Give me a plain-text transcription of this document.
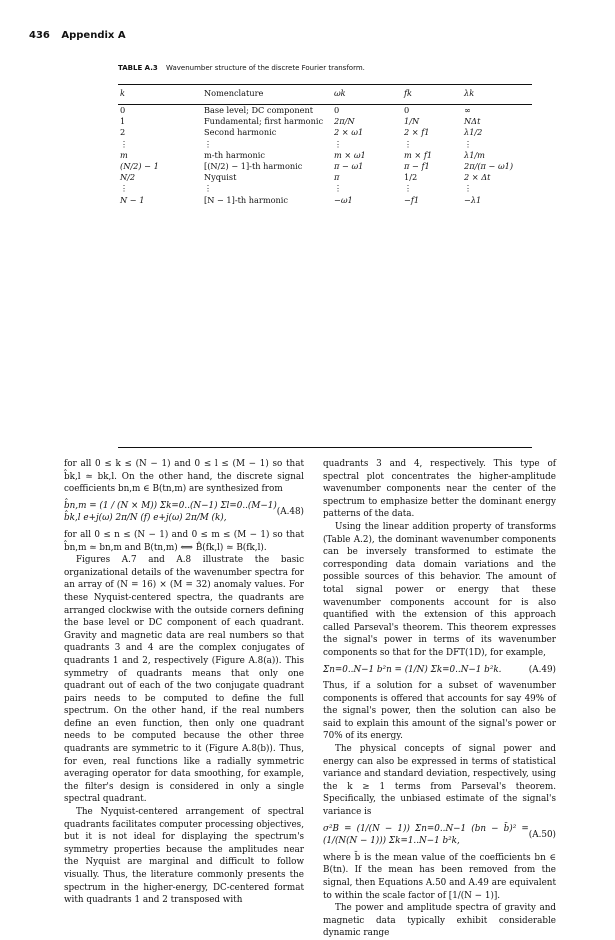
436 Appendix A
TABLE A.3 Wavenumber structure of the discrete Fourier transform.
k	Nomenclature	ωk	fk	λk
0	Base level; DC component	0	0	∞
1	Fundamental; first harmonic	2π/N	1/N	NΔt
2	Second harmonic	2 × ω1	2 × f1	λ1/2
⋮	⋮	⋮	⋮	⋮
m	m-th harmonic	m × ω1	m × f1	λ1/m
(N/2) − 1	[(N/2) − 1]-th harmonic	π − ω1	π − f1	2π/(π − ω1)
N/2	Nyquist	π	1/2	2 × Δt
⋮	⋮	⋮	⋮	⋮
N − 1	[N − 1]-th harmonic	−ω1	−f1	−λ1

for all 0 ≤ k ≤ (N − 1) and 0 ≤ l ≤ (M − 1) so that b̂k,l ≃ bk,l. On the other hand, the discrete signal coefficients bn,m ∈ B(tn,m) are synthesized from

b̂n,m = (1 / (N × M)) Σk=0..(N−1) Σl=0..(M−1) b̂k,l e+j(ω) 2π/N (f) e+j(ω) 2π/M (k),
(A.48)

for all 0 ≤ n ≤ (N − 1) and 0 ≤ m ≤ (M − 1) so that b̂n,m ≃ bn,m and B(tn,m) ⟺ B̂(fk,l) ≃ B(fk,l).

Figures A.7 and A.8 illustrate the basic organizational details of the wavenumber spectra for an array of (N = 16) × (M = 32) anomaly values. For these Nyquist-centered spectra, the quadrants are arranged clockwise with the outside corners defining the base level or DC component of each quadrant. Gravity and magnetic data are real numbers so that quadrants 3 and 4 are the complex conjugates of quadrants 1 and 2, respectively (Figure A.8(a)). This symmetry of quadrants means that only one quadrant out of each of the two conjugate quadrant pairs needs to be computed to define the full spectrum. On the other hand, if the real numbers define an even function, then only one quadrant needs to be computed because the other three quadrants are symmetric to it (Figure A.8(b)). Thus, for even, real functions like a radially symmetric averaging operator for data smoothing, for example, the filter's design is considered in only a single spectral quadrant.

The Nyquist-centered arrangement of spectral quadrants facilitates computer processing objectives, but it is not ideal for displaying the spectrum's symmetry properties because the amplitudes near the Nyquist are marginal and difficult to follow visually. Thus, the literature commonly presents the spectrum in the higher-energy, DC-centered format with quadrants 1 and 2 transposed with

quadrants 3 and 4, respectively. This type of spectral plot concentrates the higher-amplitude wavenumber components near the center of the spectrum to emphasize better the dominant energy patterns of the data.

Using the linear addition property of transforms (Table A.2), the dominant wavenumber components can be inversely transformed to estimate the corresponding data domain variations and the possible sources of this behavior. The amount of total signal power or energy that these wavenumber components account for is also quantified with the extension of this approach called Parseval's theorem. This theorem expresses the signal's power in terms of its wavenumber components so that for the DFT(1D), for example,

Σn=0..N−1 b²n = (1/N) Σk=0..N−1 b²k.	(A.49)

Thus, if a solution for a subset of wavenumber components is offered that accounts for say 49% of the signal's power, then the solution can also be said to explain this amount of the signal's power or 70% of its energy.

The physical concepts of signal power and energy can also be expressed in terms of statistical variance and standard deviation, respectively, using the k ≥ 1 terms from Parseval's theorem. Specifically, the unbiased estimate of the signal's variance is

σ²B = (1/(N − 1)) Σn=0..N−1 (bn − b̄)² = (1/(N(N − 1))) Σk=1..N−1 b²k,
(A.50)

where b̄ is the mean value of the coefficients bn ∈ B(tn). If the mean has been removed from the signal, then Equations A.50 and A.49 are equivalent to within the scale factor of [1/(N − 1)].

The power and amplitude spectra of gravity and magnetic data typically exhibit considerable dynamic range
